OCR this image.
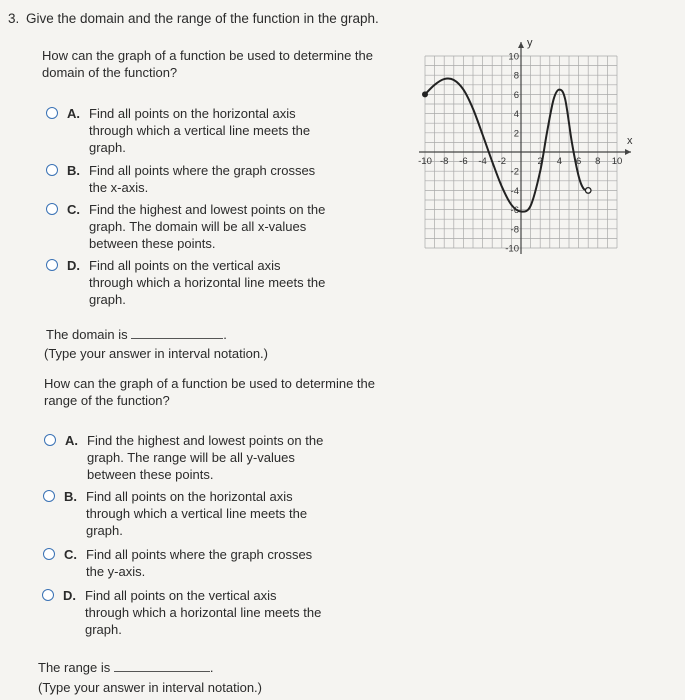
3. Give the domain and the range of the function in the graph.
How can the graph of a function be used to determine the
domain of the function?
A. Find all points on the horizontal axis
through which a vertical line meets the
graph.
B. Find all points where the graph crosses
the x-axis.
C. Find the highest and lowest points on the
graph. The domain will be all x-values
between these points.
D. Find all points on the vertical axis
through which a horizontal line meets the
graph.
The domain is	.
(Type your answer in interval notation.)
How can the graph of a function be used to determine the
range of the function?
A. Find the highest and lowest points on the
graph. The range will be all y-values
between these points.
B. Find all points on the horizontal axis
through which a vertical line meets the
graph.
C. Find all points where the graph crosses
the y-axis.
D. Find all points on the vertical axis
through which a horizontal line meets the
graph.
The range is	.
(Type your answer in interval notation.)
-10 -8 -6 -4 -2	2 4 6 8 10
10
8
6
4
2
-2
-4
-6
-8
-10
x
y
